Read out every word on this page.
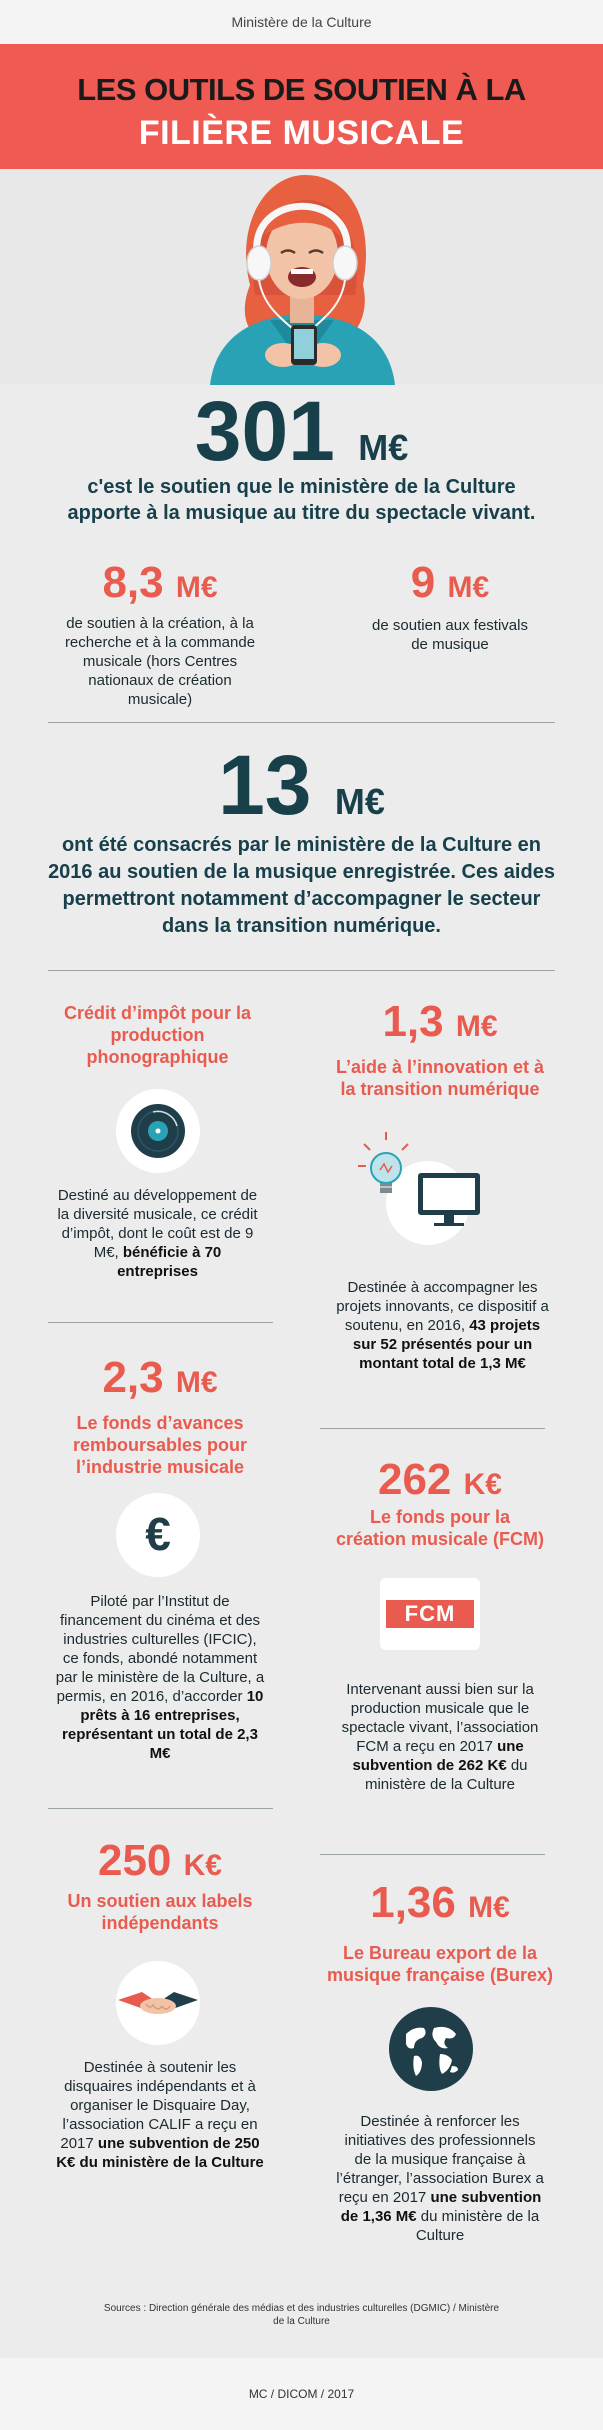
Ministère de la Culture
LES OUTILS DE SOUTIEN À LA
FILIÈRE MUSICALE
301 M€
c'est le soutien que le ministère de la Culture apporte à la musique au titre du spectacle vivant.
8,3 M€
de soutien à la création, à la recherche et à la commande musicale (hors Centres nationaux de création musicale)
9 M€
de soutien aux festivals de musique
13 M€
ont été consacrés par le ministère de la Culture en 2016 au soutien de la musique enregistrée. Ces aides permettront notamment d’accompagner le secteur dans la transition numérique.
Crédit d’impôt pour la production phonographique
Destiné au développement de la diversité musicale, ce crédit d’impôt, dont le coût est de 9 M€, bénéficie à 70 entreprises
1,3 M€
L’aide à l’innovation et à la transition numérique
Destinée à accompagner les projets innovants, ce dispositif a soutenu, en 2016, 43 projets sur 52 présentés pour un montant total de 1,3 M€
2,3 M€
Le fonds d’avances remboursables pour l’industrie musicale
€
Piloté par l’Institut de financement du cinéma et des industries culturelles (IFCIC), ce fonds, abondé notamment par le ministère de la Culture, a permis, en 2016, d’accorder 10 prêts à 16 entreprises, représentant un total de 2,3 M€
262 K€
Le fonds pour la création musicale (FCM)
FCM
Intervenant aussi bien sur la production musicale que le spectacle vivant, l’association FCM a reçu en 2017 une subvention de 262 K€ du ministère de la Culture
250 K€
Un soutien aux labels indépendants
Destinée à soutenir les disquaires indépendants et à organiser le Disquaire Day, l’association CALIF a reçu en 2017 une subvention de 250 K€ du ministère de la Culture
1,36 M€
Le Bureau export de la musique française (Burex)
Destinée à renforcer les initiatives des professionnels de la musique française à l’étranger, l’association Burex a reçu en 2017 une subvention de 1,36 M€ du ministère de la Culture
Sources : Direction générale des médias et des industries culturelles (DGMIC) / Ministère de la Culture
MC / DICOM / 2017
